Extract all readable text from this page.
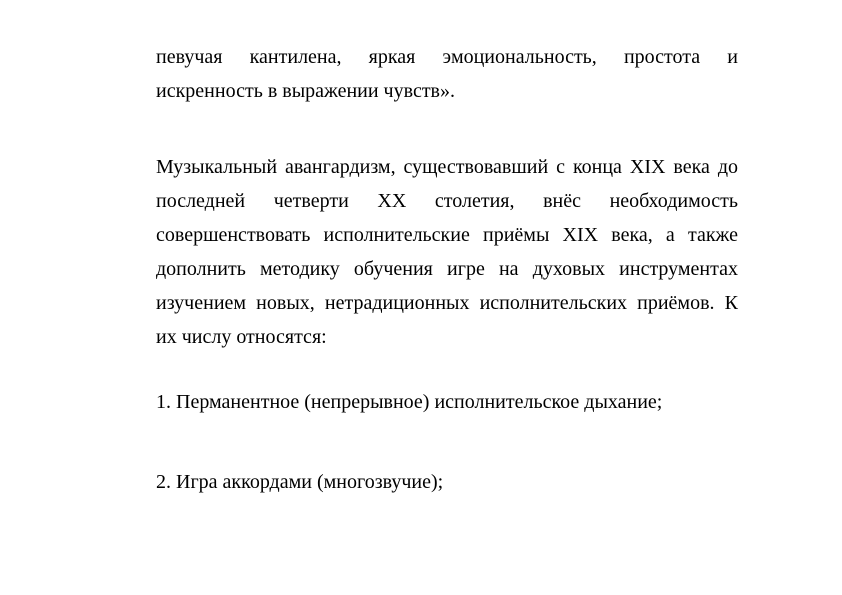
певучая кантилена, яркая эмоциональность, простота и искренность в выражении чувств».

Музыкальный авангардизм, существовавший с конца XIX века до последней четверти XX столетия, внёс необходимость совершенствовать исполнительские приёмы XIX века, а также дополнить методику обучения игре на духовых инструментах изучением новых, нетрадиционных исполнительских приёмов. К их числу относятся:

1. Перманентное (непрерывное) исполнительское дыхание;

2. Игра аккордами (многозвучие);
